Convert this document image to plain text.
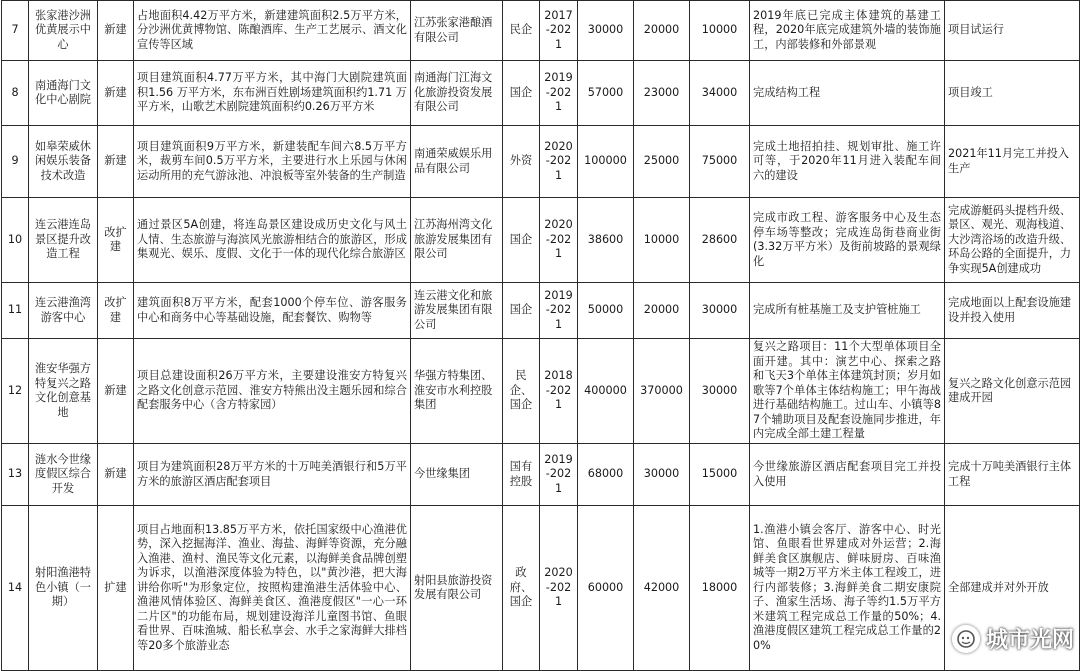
7	张家港沙洲优黄展示中心	新建	占地面积4.42万平方米，新建建筑面积2.5万平方米，分沙洲优黄博物馆、陈酿酒库、生产工艺展示、酒文化宣传等区域	江苏张家港酿酒有限公司	民企	2017-2021	30000	20000	10000	2019年底已完成主体建筑的基建工程，2020年底完成建筑外墙的装饰施工，内部装修和外部景观	项目试运行
8	南通海门文化中心剧院	新建	项目建筑面积4.77万平方米，其中海门大剧院建筑面积1.56 万平方米，东布洲百姓剧场建筑面积约1.71 万平方米，山歌艺术剧院建筑面积约0.26万平方米	南通海门江海文化旅游投资发展有限公司	国企	2019-2021	57000	23000	34000	完成结构工程	项目竣工
9	如皋荣威休闲娱乐装备技术改造	新建	项目建筑面积9万平方米，新建装配车间六8.5万平方米，裁剪车间0.5万平方米，主要进行水上乐园与休闲运动所用的充气游泳池、冲浪板等室外装备的生产制造	南通荣威娱乐用品有限公司	外资	2020-2021	100000	25000	75000	完成土地招拍挂、规划审批、施工许可等，于2020年11月进入装配车间六的建设	2021年11月完工并投入生产
10	连云港连岛景区提升改造工程	改扩建	通过景区5A创建，将连岛景区建设成历史文化与风土人情、生态旅游与海滨风光旅游相结合的旅游区，形成集观光、娱乐、度假、文化于一体的现代化综合旅游区	江苏海州湾文化旅游发展集团有限公司	国企	2020-2021	38600	10000	28600	完成市政工程、游客服务中心及生态停车场等整改；完成连岛街巷商业街(3.32万平方米）及街前坡路的景观绿化	完成游艇码头提档升级、景区、观光、观海栈道、大沙湾浴场的改造升级、环岛公路的全面提升，力争实现5A创建成功
11	连云港渔湾游客中心	改扩建	建筑面积8万平方米，配套1000个停车位、游客服务中心和商务中心等基础设施，配套餐饮、购物等	连云港文化和旅游发展集团有限公司	国企	2019-2021	50000	20000	30000	完成所有桩基施工及支护管桩施工	完成地面以上配套设施建设并投入使用
12	淮安华强方特复兴之路文化创意基地	新建	项目总建设面积26万平方米，主要建设淮安方特复兴之路文化创意示范园、淮安方特熊出没主题乐园和综合配套服务中心（含方特家园）	华强方特集团、淮安市水利控股集团	民企、国企	2018-2021	400000	370000	30000	复兴之路项目：11个大型单体项目全面开建。其中：演艺中心、探索之路和飞天3个单体主体建筑封顶；岁月如歌等7个单体主体结构施工；甲午海战进行基础结构施工。过山车、小镇等87个辅助项目及配套设施同步推进，年内完成全部土建工程量	复兴之路文化创意示范园建成开园
13	涟水今世缘度假区综合开发	新建	项目为建筑面积28万平方米的十万吨美酒银行和5万平方米的旅游区酒店配套项目	今世缘集团	国有控股	2019-2021	68000	30000	15000	今世缘旅游区酒店配套项目完工并投入使用	完成十万吨美酒银行主体工程
14	射阳渔港特色小镇（一期）	扩建	项目占地面积13.85万平方米，依托国家级中心渔港优势，深入挖掘海洋、渔业、海盐、海鲜等资源，充分融入渔港、渔村、渔民等文化元素，以海鲜美食品牌创塑为诉求，以渔港深度体验为特色，以"黄沙港，把大海讲给你听"为形象定位，按照构建渔港生活体验中心、渔港风情体验区、海鲜美食区、渔港度假区"一心一环二片区"的功能布局，规划建设海洋儿童图书馆、鱼眼看世界、百味渔城、船长私享会、水手之家海鲜大排档等20多个旅游业态	射阳县旅游投资发展有限公司	政府、国企	2020-2021	60000	42000	18000	1.渔港小镇会客厅、游客中心、时光馆、鱼眼看世界建成对外运营；2.海鲜美食区旗舰店、鲜味厨房、百味渔城等一期2万平方米主体工程竣工，进行内部装修；3.海鲜美食二期安康院子、渔家生活场、海子等约1.5万平方米建筑工程完成总工作量的50%；4.渔港度假区建筑工程完成总工作量的20%	全部建成并对外开放
城市光网
